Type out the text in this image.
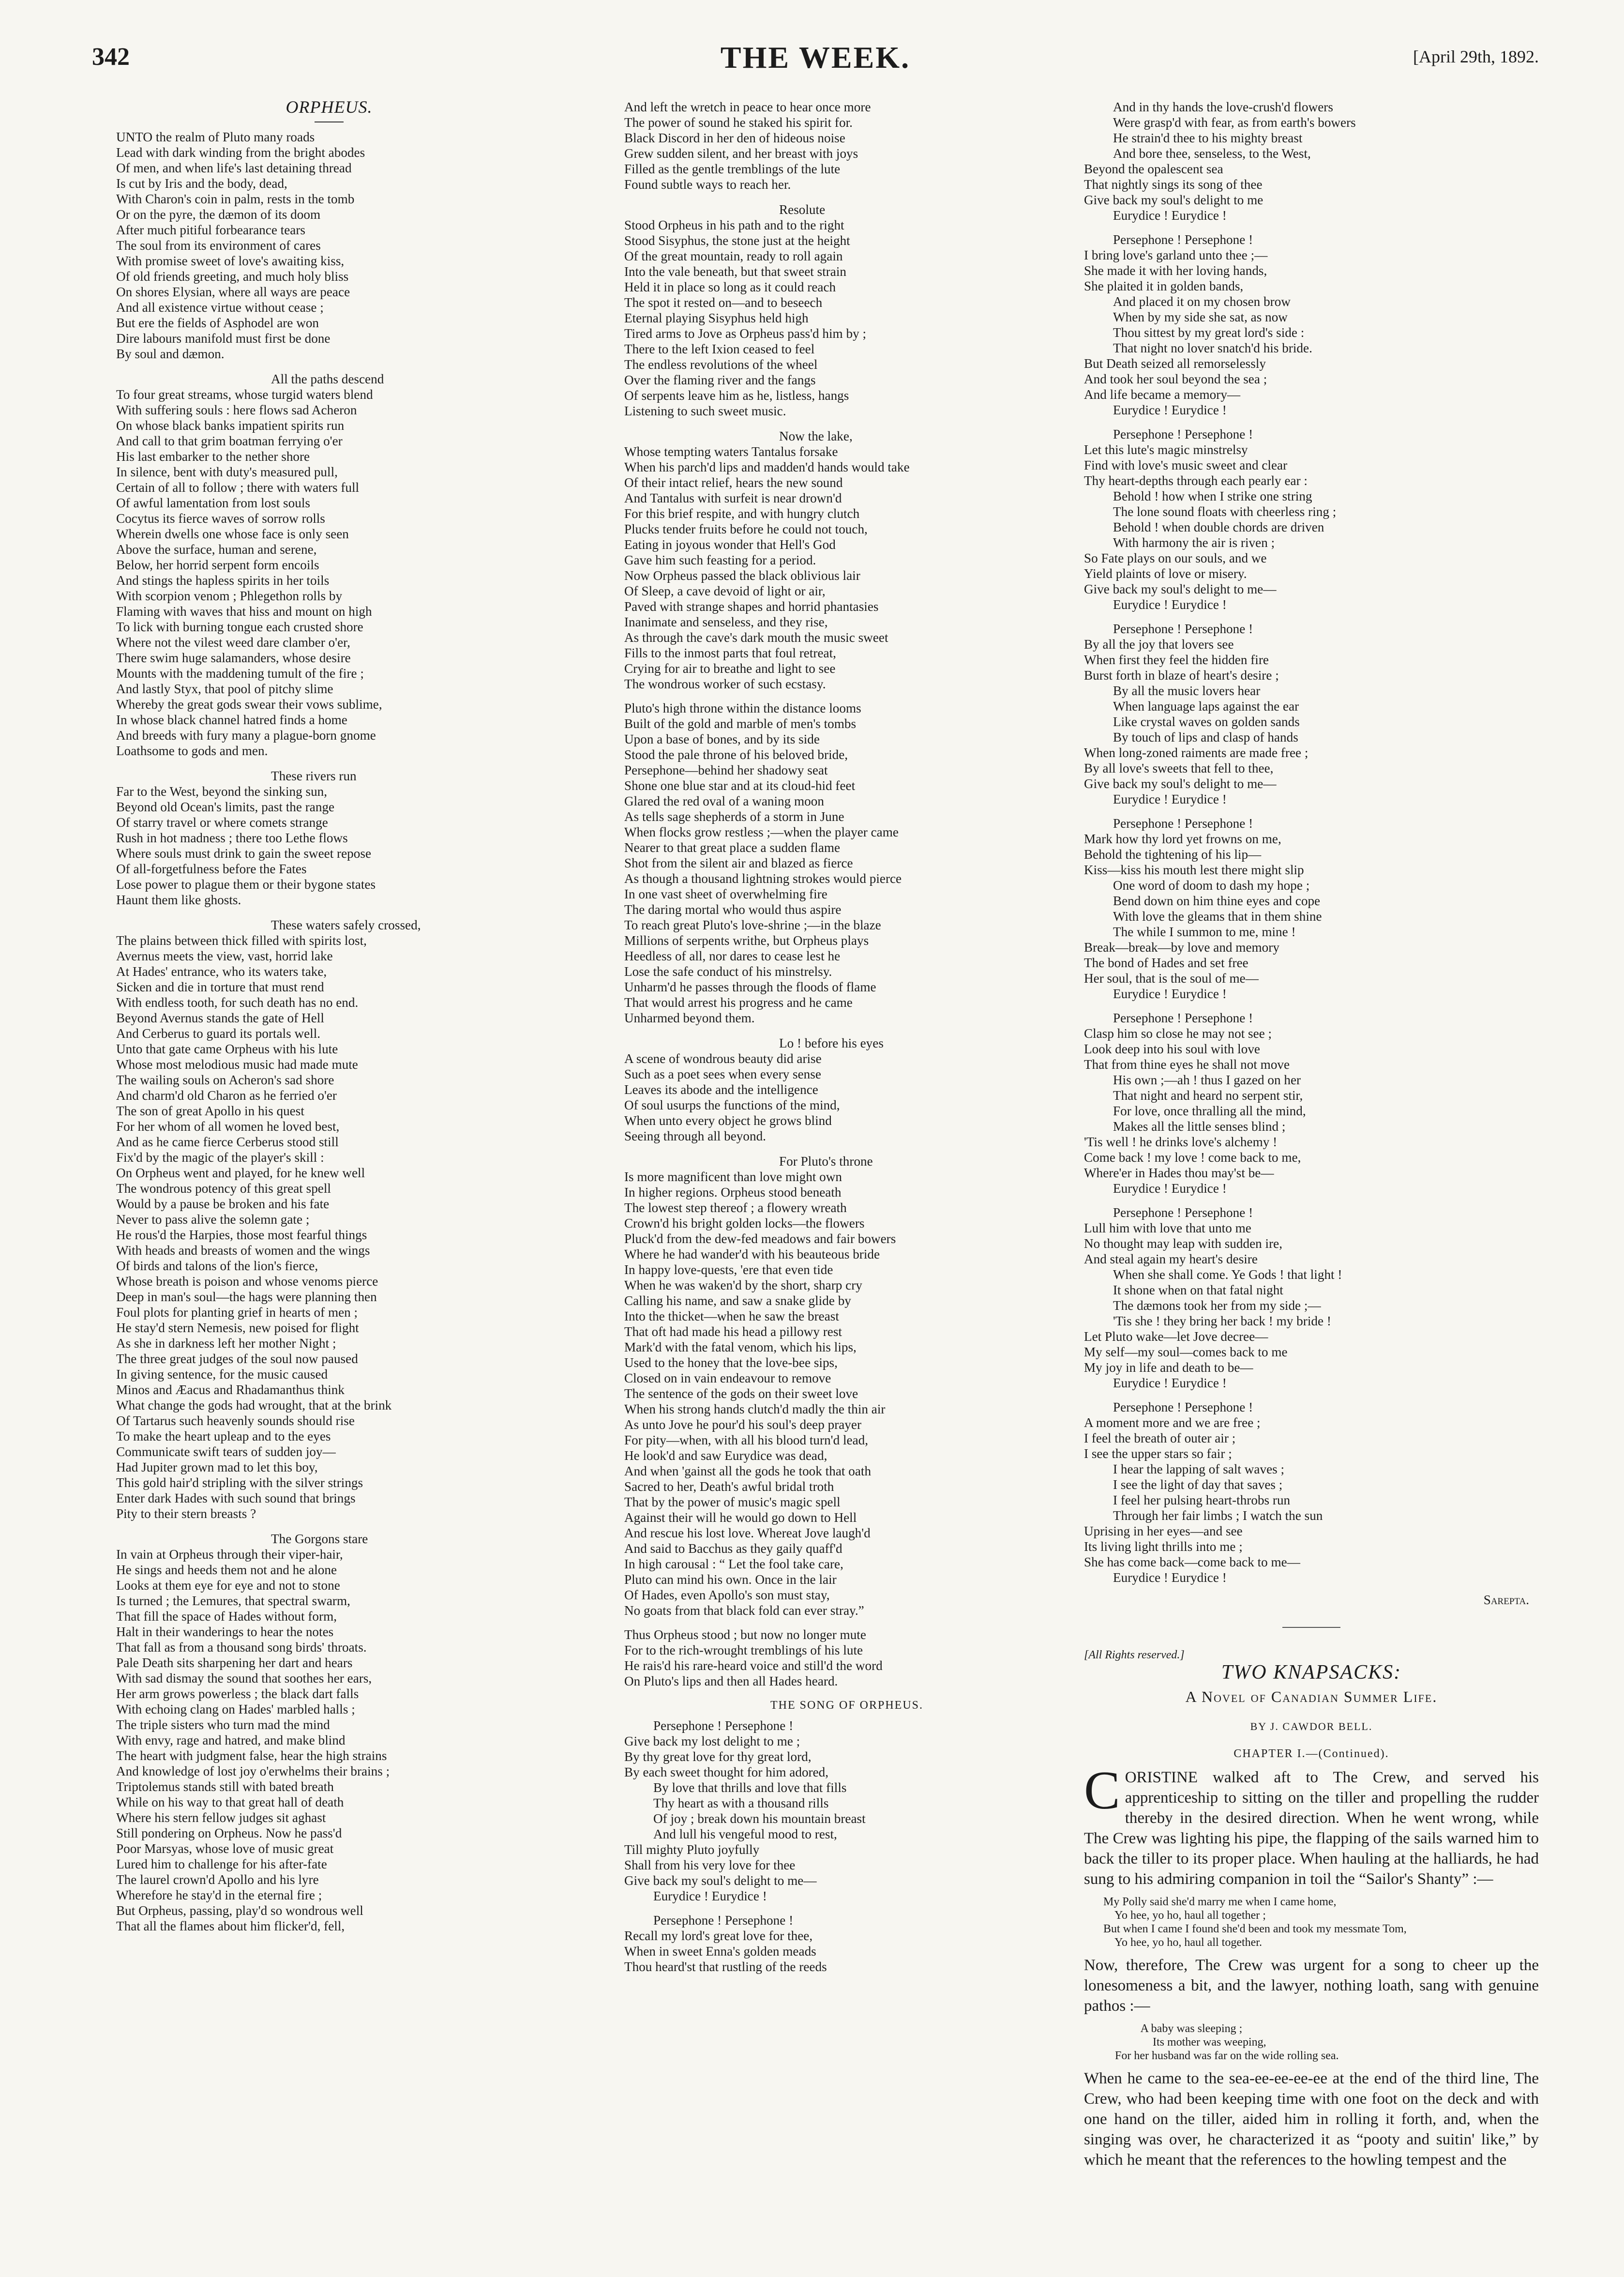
342	THE WEEK.	[April 29th, 1892.
ORPHEUS.
UNTO the realm of Pluto many roads
Lead with dark winding from the bright abodes
Of men, and when life's last detaining thread
Is cut by Iris and the body, dead,
With Charon's coin in palm, rests in the tomb
Or on the pyre, the dæmon of its doom
After much pitiful forbearance tears
The soul from its environment of cares
With promise sweet of love's awaiting kiss,
Of old friends greeting, and much holy bliss
On shores Elysian, where all ways are peace
And all existence virtue without cease ;
But ere the fields of Asphodel are won
Dire labours manifold must first be done
By soul and dæmon.
All the paths descend
To four great streams, whose turgid waters blend
With suffering souls : here flows sad Acheron
On whose black banks impatient spirits run
And call to that grim boatman ferrying o'er
His last embarker to the nether shore
In silence, bent with duty's measured pull,
Certain of all to follow ; there with waters full
Of awful lamentation from lost souls
Cocytus its fierce waves of sorrow rolls
Wherein dwells one whose face is only seen
Above the surface, human and serene,
Below, her horrid serpent form encoils
And stings the hapless spirits in her toils
With scorpion venom ; Phlegethon rolls by
Flaming with waves that hiss and mount on high
To lick with burning tongue each crusted shore
Where not the vilest weed dare clamber o'er,
There swim huge salamanders, whose desire
Mounts with the maddening tumult of the fire ;
And lastly Styx, that pool of pitchy slime
Whereby the great gods swear their vows sublime,
In whose black channel hatred finds a home
And breeds with fury many a plague-born gnome
Loathsome to gods and men.
These rivers run
Far to the West, beyond the sinking sun,
Beyond old Ocean's limits, past the range
Of starry travel or where comets strange
Rush in hot madness ; there too Lethe flows
Where souls must drink to gain the sweet repose
Of all-forgetfulness before the Fates
Lose power to plague them or their bygone states
Haunt them like ghosts.
These waters safely crossed,
The plains between thick filled with spirits lost,
Avernus meets the view, vast, horrid lake
At Hades' entrance, who its waters take,
Sicken and die in torture that must rend
With endless tooth, for such death has no end.
Beyond Avernus stands the gate of Hell
And Cerberus to guard its portals well.
Unto that gate came Orpheus with his lute
Whose most melodious music had made mute
The wailing souls on Acheron's sad shore
And charm'd old Charon as he ferried o'er
The son of great Apollo in his quest
For her whom of all women he loved best,
And as he came fierce Cerberus stood still
Fix'd by the magic of the player's skill :
On Orpheus went and played, for he knew well
The wondrous potency of this great spell
Would by a pause be broken and his fate
Never to pass alive the solemn gate ;
He rous'd the Harpies, those most fearful things
With heads and breasts of women and the wings
Of birds and talons of the lion's fierce,
Whose breath is poison and whose venoms pierce
Deep in man's soul—the hags were planning then
Foul plots for planting grief in hearts of men ;
He stay'd stern Nemesis, new poised for flight
As she in darkness left her mother Night ;
The three great judges of the soul now paused
In giving sentence, for the music caused
Minos and Æacus and Rhadamanthus think
What change the gods had wrought, that at the brink
Of Tartarus such heavenly sounds should rise
To make the heart upleap and to the eyes
Communicate swift tears of sudden joy—
Had Jupiter grown mad to let this boy,
This gold hair'd stripling with the silver strings
Enter dark Hades with such sound that brings
Pity to their stern breasts ?
The Gorgons stare
In vain at Orpheus through their viper-hair,
He sings and heeds them not and he alone
Looks at them eye for eye and not to stone
Is turned ; the Lemures, that spectral swarm,
That fill the space of Hades without form,
Halt in their wanderings to hear the notes
That fall as from a thousand song birds' throats.
Pale Death sits sharpening her dart and hears
With sad dismay the sound that soothes her ears,
Her arm grows powerless ; the black dart falls
With echoing clang on Hades' marbled halls ;
The triple sisters who turn mad the mind
With envy, rage and hatred, and make blind
The heart with judgment false, hear the high strains
And knowledge of lost joy o'erwhelms their brains ;
Triptolemus stands still with bated breath
While on his way to that great hall of death
Where his stern fellow judges sit aghast
Still pondering on Orpheus. Now he pass'd
Poor Marsyas, whose love of music great
Lured him to challenge for his after-fate
The laurel crown'd Apollo and his lyre
Wherefore he stay'd in the eternal fire ;
But Orpheus, passing, play'd so wondrous well
That all the flames about him flicker'd, fell,
And left the wretch in peace to hear once more
The power of sound he staked his spirit for.
Black Discord in her den of hideous noise
Grew sudden silent, and her breast with joys
Filled as the gentle tremblings of the lute
Found subtle ways to reach her.
Resolute
Stood Orpheus in his path and to the right
Stood Sisyphus, the stone just at the height
Of the great mountain, ready to roll again
Into the vale beneath, but that sweet strain
Held it in place so long as it could reach
The spot it rested on—and to beseech
Eternal playing Sisyphus held high
Tired arms to Jove as Orpheus pass'd him by ;
There to the left Ixion ceased to feel
The endless revolutions of the wheel
Over the flaming river and the fangs
Of serpents leave him as he, listless, hangs
Listening to such sweet music.
Now the lake,
Whose tempting waters Tantalus forsake
When his parch'd lips and madden'd hands would take
Of their intact relief, hears the new sound
And Tantalus with surfeit is near drown'd
For this brief respite, and with hungry clutch
Plucks tender fruits before he could not touch,
Eating in joyous wonder that Hell's God
Gave him such feasting for a period.
Now Orpheus passed the black oblivious lair
Of Sleep, a cave devoid of light or air,
Paved with strange shapes and horrid phantasies
Inanimate and senseless, and they rise,
As through the cave's dark mouth the music sweet
Fills to the inmost parts that foul retreat,
Crying for air to breathe and light to see
The wondrous worker of such ecstasy.
Pluto's high throne within the distance looms
Built of the gold and marble of men's tombs
Upon a base of bones, and by its side
Stood the pale throne of his beloved bride,
Persephone—behind her shadowy seat
Shone one blue star and at its cloud-hid feet
Glared the red oval of a waning moon
As tells sage shepherds of a storm in June
When flocks grow restless ;—when the player came
Nearer to that great place a sudden flame
Shot from the silent air and blazed as fierce
As though a thousand lightning strokes would pierce
In one vast sheet of overwhelming fire
The daring mortal who would thus aspire
To reach great Pluto's love-shrine ;—in the blaze
Millions of serpents writhe, but Orpheus plays
Heedless of all, nor dares to cease lest he
Lose the safe conduct of his minstrelsy.
Unharm'd he passes through the floods of flame
That would arrest his progress and he came
Unharmed beyond them.
Lo ! before his eyes
A scene of wondrous beauty did arise
Such as a poet sees when every sense
Leaves its abode and the intelligence
Of soul usurps the functions of the mind,
When unto every object he grows blind
Seeing through all beyond.
For Pluto's throne
Is more magnificent than love might own
In higher regions. Orpheus stood beneath
The lowest step thereof ; a flowery wreath
Crown'd his bright golden locks—the flowers
Pluck'd from the dew-fed meadows and fair bowers
Where he had wander'd with his beauteous bride
In happy love-quests, 'ere that even tide
When he was waken'd by the short, sharp cry
Calling his name, and saw a snake glide by
Into the thicket—when he saw the breast
That oft had made his head a pillowy rest
Mark'd with the fatal venom, which his lips,
Used to the honey that the love-bee sips,
Closed on in vain endeavour to remove
The sentence of the gods on their sweet love
When his strong hands clutch'd madly the thin air
As unto Jove he pour'd his soul's deep prayer
For pity—when, with all his blood turn'd lead,
He look'd and saw Eurydice was dead,
And when 'gainst all the gods he took that oath
Sacred to her, Death's awful bridal troth
That by the power of music's magic spell
Against their will he would go down to Hell
And rescue his lost love. Whereat Jove laugh'd
And said to Bacchus as they gaily quaff'd
In high carousal : “ Let the fool take care,
Pluto can mind his own. Once in the lair
Of Hades, even Apollo's son must stay,
No goats from that black fold can ever stray.”
Thus Orpheus stood ; but now no longer mute
For to the rich-wrought tremblings of his lute
He rais'd his rare-heard voice and still'd the word
On Pluto's lips and then all Hades heard.
THE SONG OF ORPHEUS.
Persephone ! Persephone !
Give back my lost delight to me ;
By thy great love for thy great lord,
By each sweet thought for him adored,
By love that thrills and love that fills
Thy heart as with a thousand rills
Of joy ; break down his mountain breast
And lull his vengeful mood to rest,
Till mighty Pluto joyfully
Shall from his very love for thee
Give back my soul's delight to me—
Eurydice ! Eurydice !
Persephone ! Persephone !
Recall my lord's great love for thee,
When in sweet Enna's golden meads
Thou heard'st that rustling of the reeds
And in thy hands the love-crush'd flowers
Were grasp'd with fear, as from earth's bowers
He strain'd thee to his mighty breast
And bore thee, senseless, to the West,
Beyond the opalescent sea
That nightly sings its song of thee
Give back my soul's delight to me
Eurydice ! Eurydice !
Persephone ! Persephone !
I bring love's garland unto thee ;—
She made it with her loving hands,
She plaited it in golden bands,
And placed it on my chosen brow
When by my side she sat, as now
Thou sittest by my great lord's side :
That night no lover snatch'd his bride.
But Death seized all remorselessly
And took her soul beyond the sea ;
And life became a memory—
Eurydice ! Eurydice !
Persephone ! Persephone !
Let this lute's magic minstrelsy
Find with love's music sweet and clear
Thy heart-depths through each pearly ear :
Behold ! how when I strike one string
The lone sound floats with cheerless ring ;
Behold ! when double chords are driven
With harmony the air is riven ;
So Fate plays on our souls, and we
Yield plaints of love or misery.
Give back my soul's delight to me—
Eurydice ! Eurydice !
Persephone ! Persephone !
By all the joy that lovers see
When first they feel the hidden fire
Burst forth in blaze of heart's desire ;
By all the music lovers hear
When language laps against the ear
Like crystal waves on golden sands
By touch of lips and clasp of hands
When long-zoned raiments are made free ;
By all love's sweets that fell to thee,
Give back my soul's delight to me—
Eurydice ! Eurydice !
Persephone ! Persephone !
Mark how thy lord yet frowns on me,
Behold the tightening of his lip—
Kiss—kiss his mouth lest there might slip
One word of doom to dash my hope ;
Bend down on him thine eyes and cope
With love the gleams that in them shine
The while I summon to me, mine !
Break—break—by love and memory
The bond of Hades and set free
Her soul, that is the soul of me—
Eurydice ! Eurydice !
Persephone ! Persephone !
Clasp him so close he may not see ;
Look deep into his soul with love
That from thine eyes he shall not move
His own ;—ah ! thus I gazed on her
That night and heard no serpent stir,
For love, once thralling all the mind,
Makes all the little senses blind ;
'Tis well ! he drinks love's alchemy !
Come back ! my love ! come back to me,
Where'er in Hades thou may'st be—
Eurydice ! Eurydice !
Persephone ! Persephone !
Lull him with love that unto me
No thought may leap with sudden ire,
And steal again my heart's desire
When she shall come. Ye Gods ! that light !
It shone when on that fatal night
The dæmons took her from my side ;—
'Tis she ! they bring her back ! my bride !
Let Pluto wake—let Jove decree—
My self—my soul—comes back to me
My joy in life and death to be—
Eurydice ! Eurydice !
Persephone ! Persephone !
A moment more and we are free ;
I feel the breath of outer air ;
I see the upper stars so fair ;
I hear the lapping of salt waves ;
I see the light of day that saves ;
I feel her pulsing heart-throbs run
Through her fair limbs ; I watch the sun
Uprising in her eyes—and see
Its living light thrills into me ;
She has come back—come back to me—
Eurydice ! Eurydice !
Sarepta.
[All Rights reserved.]
TWO KNAPSACKS:
A Novel of Canadian Summer Life.
BY J. CAWDOR BELL.
CHAPTER I.—(Continued).
CORISTINE walked aft to The Crew, and served his apprenticeship to sitting on the tiller and propelling the rudder thereby in the desired direction. When he went wrong, while The Crew was lighting his pipe, the flapping of the sails warned him to back the tiller to its proper place. When hauling at the halliards, he had sung to his admiring companion in toil the “Sailor's Shanty” :—
My Polly said she'd marry me when I came home,
Yo hee, yo ho, haul all together ;
But when I came I found she'd been and took my messmate Tom,
Yo hee, yo ho, haul all together.
Now, therefore, The Crew was urgent for a song to cheer up the lonesomeness a bit, and the lawyer, nothing loath, sang with genuine pathos :—
A baby was sleeping ;
Its mother was weeping,
For her husband was far on the wide rolling sea.
When he came to the sea-ee-ee-ee-ee at the end of the third line, The Crew, who had been keeping time with one foot on the deck and with one hand on the tiller, aided him in rolling it forth, and, when the singing was over, he characterized it as “pooty and suitin' like,” by which he meant that the references to the howling tempest and the
